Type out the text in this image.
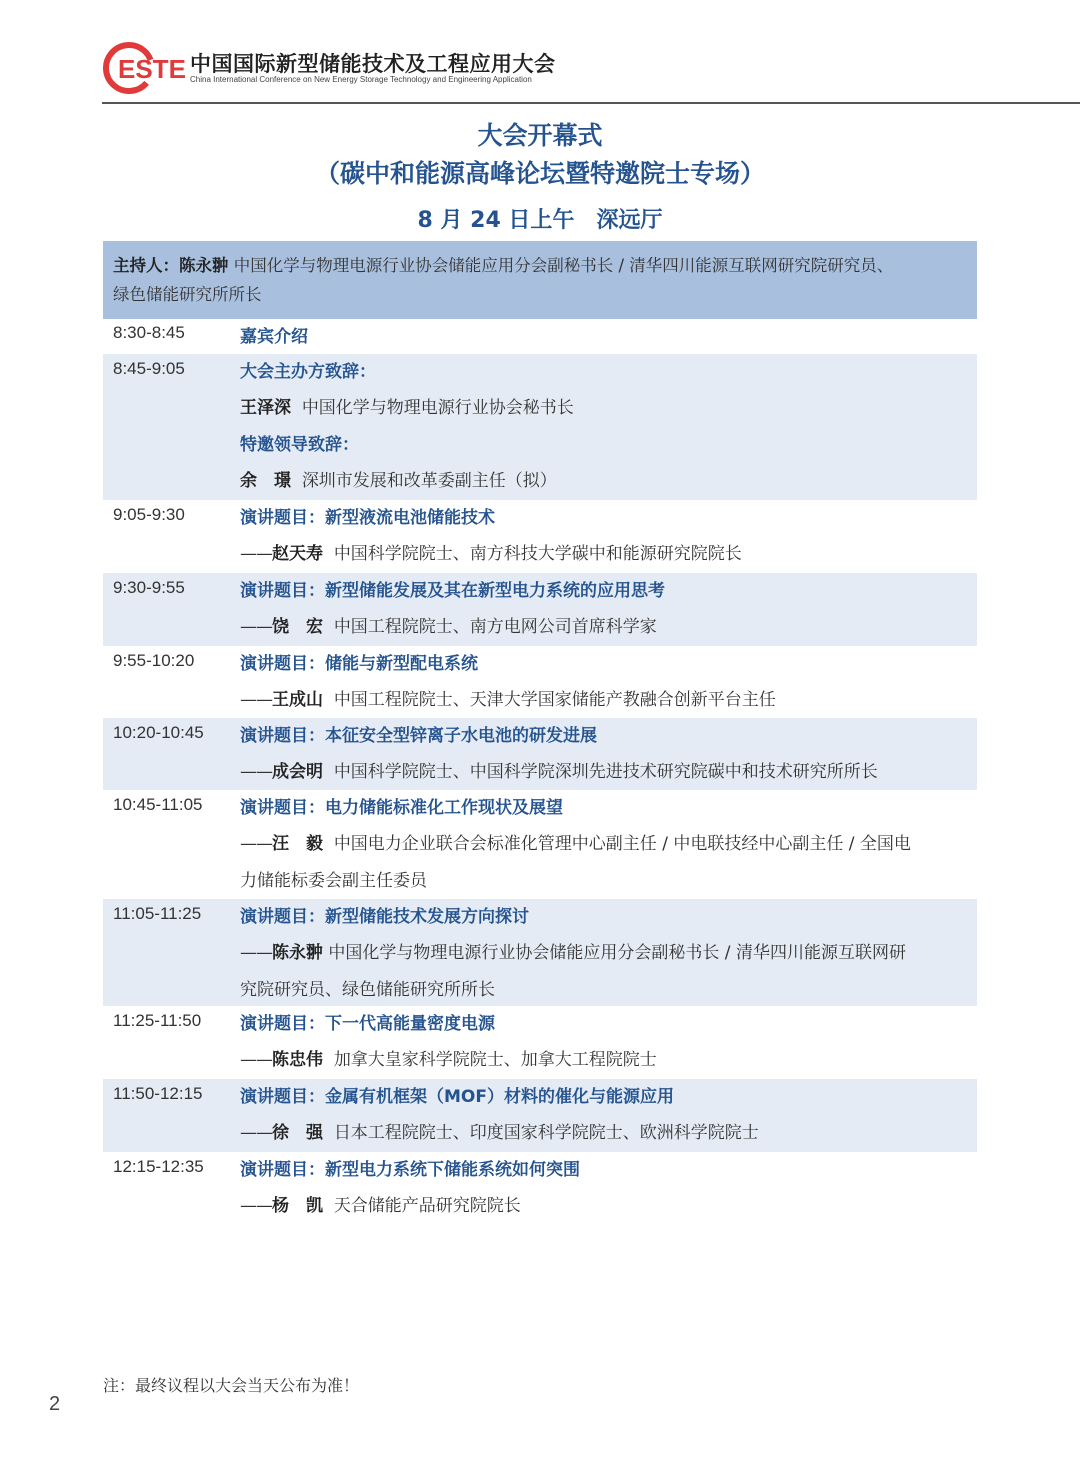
ESTE 中国国际新型储能技术及工程应用大会
China International Conference on New Energy Storage Technology and Engineering Application
大会开幕式
（碳中和能源高峰论坛暨特邀院士专场）
8 月 24 日上午 深远厅
主持人：陈永翀 中国化学与物理电源行业协会储能应用分会副秘书长 / 清华四川能源互联网研究院研究员、
绿色储能研究所所长
8:30-8:45	嘉宾介绍
8:45-9:05	大会主办方致辞：
王泽深 中国化学与物理电源行业协会秘书长
特邀领导致辞：
余　璟 深圳市发展和改革委副主任（拟）
9:05-9:30	演讲题目：新型液流电池储能技术
——赵天寿 中国科学院院士、南方科技大学碳中和能源研究院院长
9:30-9:55	演讲题目：新型储能发展及其在新型电力系统的应用思考
——饶　宏 中国工程院院士、南方电网公司首席科学家
9:55-10:20	演讲题目：储能与新型配电系统
——王成山 中国工程院院士、天津大学国家储能产教融合创新平台主任
10:20-10:45 演讲题目：本征安全型锌离子水电池的研发进展
——成会明 中国科学院院士、中国科学院深圳先进技术研究院碳中和技术研究所所长
10:45-11:05 演讲题目：电力储能标准化工作现状及展望
——汪　毅 中国电力企业联合会标准化管理中心副主任 / 中电联技经中心副主任 / 全国电
力储能标委会副主任委员
11:05-11:25 演讲题目：新型储能技术发展方向探讨
——陈永翀 中国化学与物理电源行业协会储能应用分会副秘书长 / 清华四川能源互联网研
究院研究员、绿色储能研究所所长
11:25-11:50 演讲题目：下一代高能量密度电源
——陈忠伟 加拿大皇家科学院院士、加拿大工程院院士
11:50-12:15 演讲题目：金属有机框架（MOF）材料的催化与能源应用
——徐　强 日本工程院院士、印度国家科学院院士、欧洲科学院院士
12:15-12:35 演讲题目：新型电力系统下储能系统如何突围
——杨　凯 天合储能产品研究院院长
注：最终议程以大会当天公布为准！
2
